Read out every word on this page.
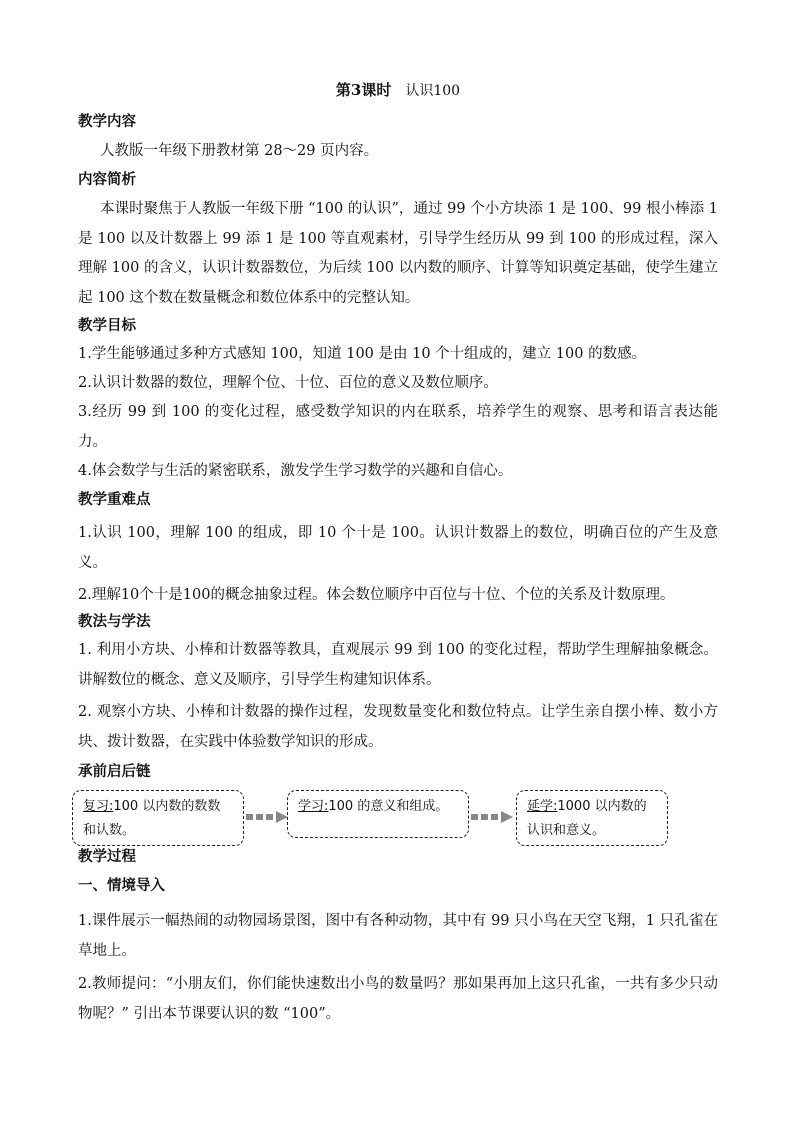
第3课时 认识100
教学内容
人教版一年级下册教材第 28～29 页内容。
内容简析
本课时聚焦于人教版一年级下册 “100 的认识”，通过 99 个小方块添 1 是 100、99 根小棒添 1 是 100 以及计数器上 99 添 1 是 100 等直观素材，引导学生经历从 99 到 100 的形成过程，深入理解 100 的含义，认识计数器数位，为后续 100 以内数的顺序、计算等知识奠定基础，使学生建立起 100 这个数在数量概念和数位体系中的完整认知。
教学目标
1.学生能够通过多种方式感知 100，知道 100 是由 10 个十组成的，建立 100 的数感。
2.认识计数器的数位，理解个位、十位、百位的意义及数位顺序。
3.经历 99 到 100 的变化过程，感受数学知识的内在联系，培养学生的观察、思考和语言表达能力。
4.体会数学与生活的紧密联系，激发学生学习数学的兴趣和自信心。
教学重难点
1.认识 100，理解 100 的组成，即 10 个十是 100。认识计数器上的数位，明确百位的产生及意义。
2.理解10个十是100的概念抽象过程。体会数位顺序中百位与十位、个位的关系及计数原理。
教法与学法
1. 利用小方块、小棒和计数器等教具，直观展示 99 到 100 的变化过程，帮助学生理解抽象概念。讲解数位的概念、意义及顺序，引导学生构建知识体系。
2. 观察小方块、小棒和计数器的操作过程，发现数量变化和数位特点。让学生亲自摆小棒、数小方块、拨计数器，在实践中体验数学知识的形成。
承前启后链
复习:100 以内数的数数和认数。
学习:100 的意义和组成。	延学:1000 以内数的认识和意义。
教学过程
一、情境导入
1.课件展示一幅热闹的动物园场景图，图中有各种动物，其中有 99 只小鸟在天空飞翔，1 只孔雀在草地上。
2.教师提问：“小朋友们，你们能快速数出小鸟的数量吗？那如果再加上这只孔雀，一共有多少只动物呢？” 引出本节课要认识的数 “100”。
